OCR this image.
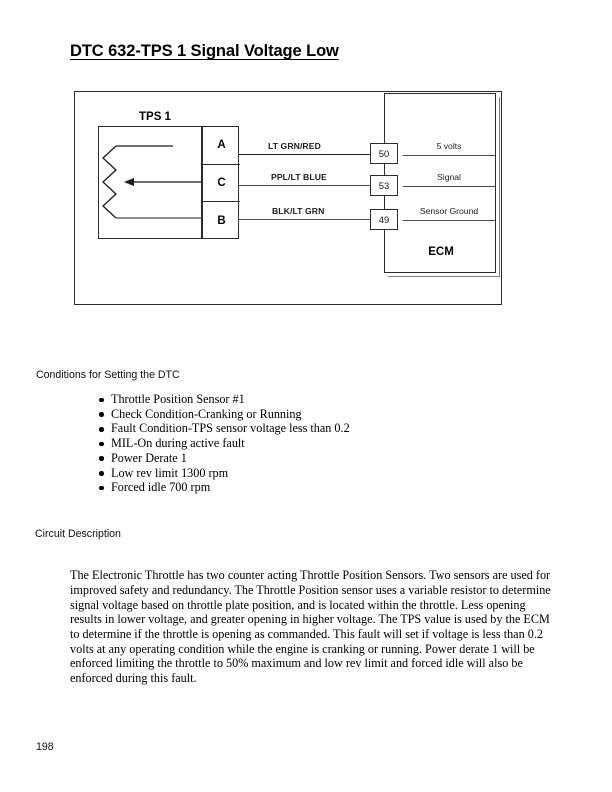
DTC 632-TPS 1 Signal Voltage Low
TPS 1
A
C
B
LT GRN/RED
PPL/LT BLUE
BLK/LT GRN
5 volts
Signal
Sensor Ground
ECM
50
53
49
Conditions for Setting the DTC
Throttle Position Sensor #1
Check Condition-Cranking or Running
Fault Condition-TPS sensor voltage less than 0.2
MIL-On during active fault
Power Derate 1
Low rev limit 1300 rpm
Forced idle 700 rpm
Circuit Description

The Electronic Throttle has two counter acting Throttle Position Sensors. Two sensors are used for improved safety and redundancy. The Throttle Position sensor uses a variable resistor to determine signal voltage based on throttle plate position, and is located within the throttle. Less opening results in lower voltage, and greater opening in higher voltage. The TPS value is used by the ECM to determine if the throttle is opening as commanded. This fault will set if voltage is less than 0.2 volts at any operating condition while the engine is cranking or running. Power derate 1 will be enforced limiting the throttle to 50% maximum and low rev limit and forced idle will also be enforced during this fault.

198
